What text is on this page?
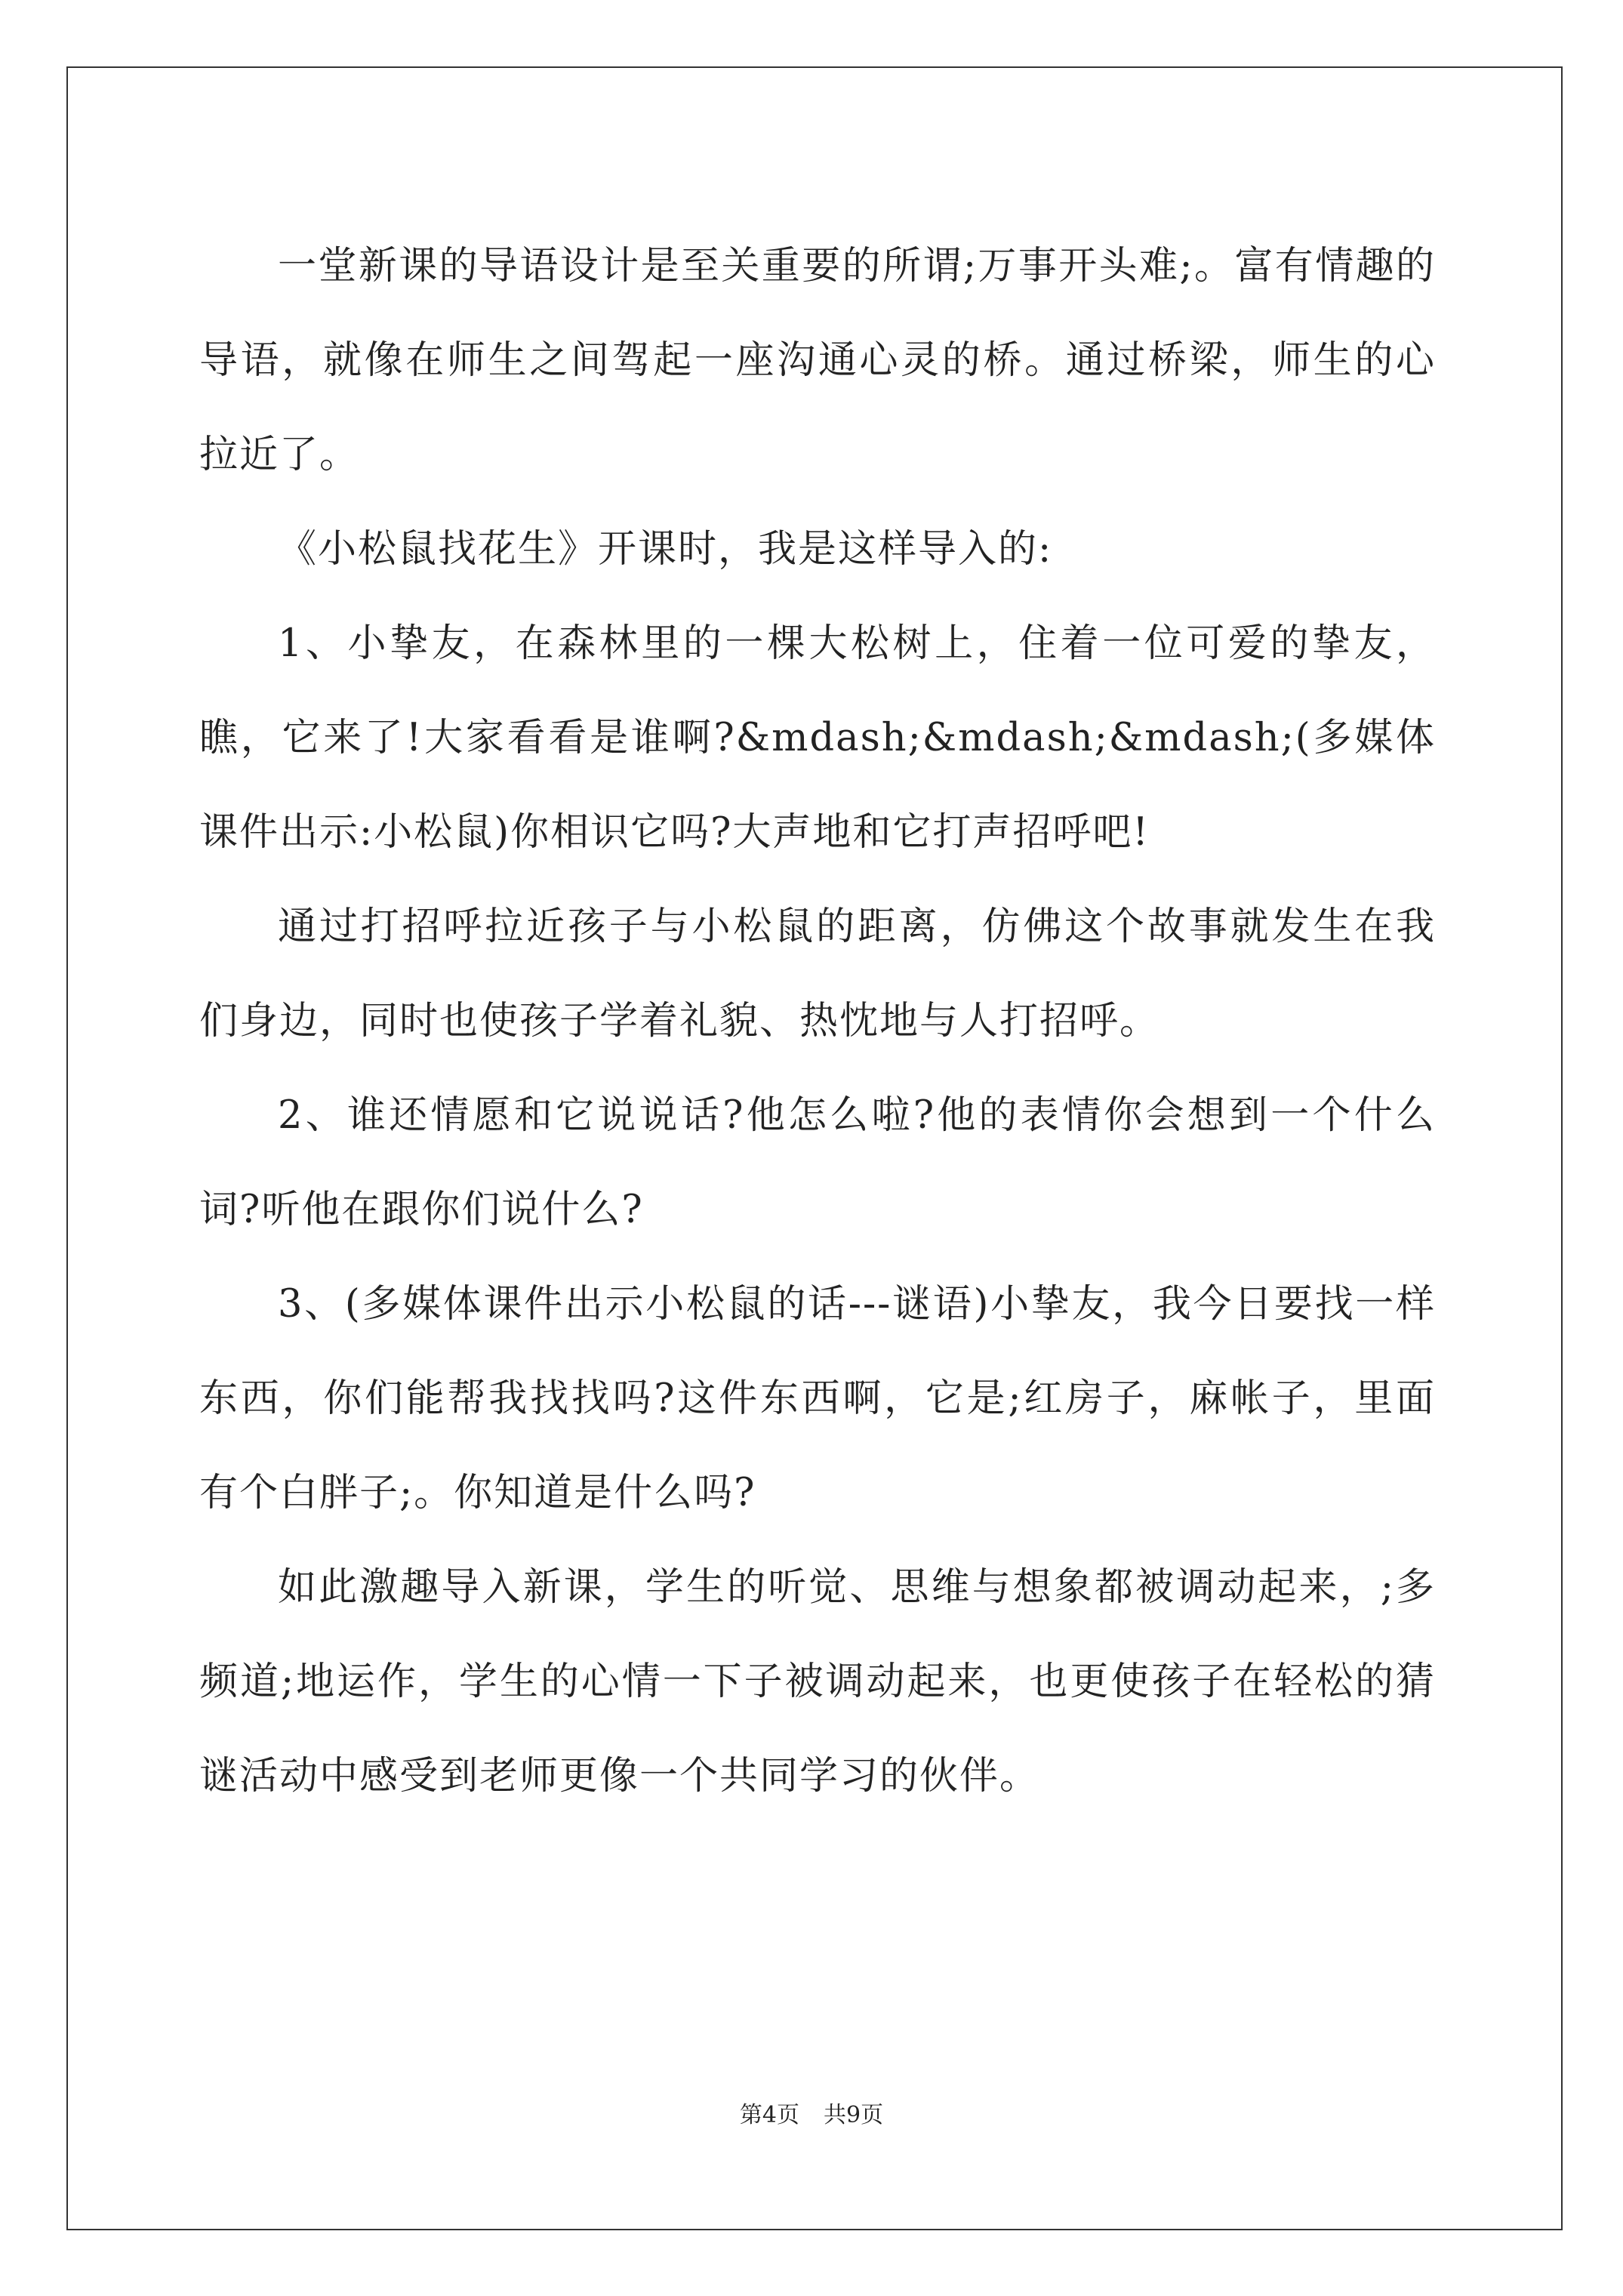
一堂新课的导语设计是至关重要的所谓;万事开头难;。富有情趣的导语，就像在师生之间驾起一座沟通心灵的桥。通过桥梁，师生的心拉近了。

《小松鼠找花生》开课时，我是这样导入的:

1、小挚友，在森林里的一棵大松树上，住着一位可爱的挚友，瞧，它来了!大家看看是谁啊?&mdash;&mdash;&mdash;(多媒体课件出示:小松鼠)你相识它吗?大声地和它打声招呼吧!

通过打招呼拉近孩子与小松鼠的距离，仿佛这个故事就发生在我们身边，同时也使孩子学着礼貌、热忱地与人打招呼。

2、谁还情愿和它说说话?他怎么啦?他的表情你会想到一个什么词?听他在跟你们说什么?

3、(多媒体课件出示小松鼠的话---谜语)小挚友，我今日要找一样东西，你们能帮我找找吗?这件东西啊，它是;红房子，麻帐子，里面有个白胖子;。你知道是什么吗?

如此激趣导入新课，学生的听觉、思维与想象都被调动起来，;多频道;地运作，学生的心情一下子被调动起来，也更使孩子在轻松的猜谜活动中感受到老师更像一个共同学习的伙伴。

第4页 共9页
